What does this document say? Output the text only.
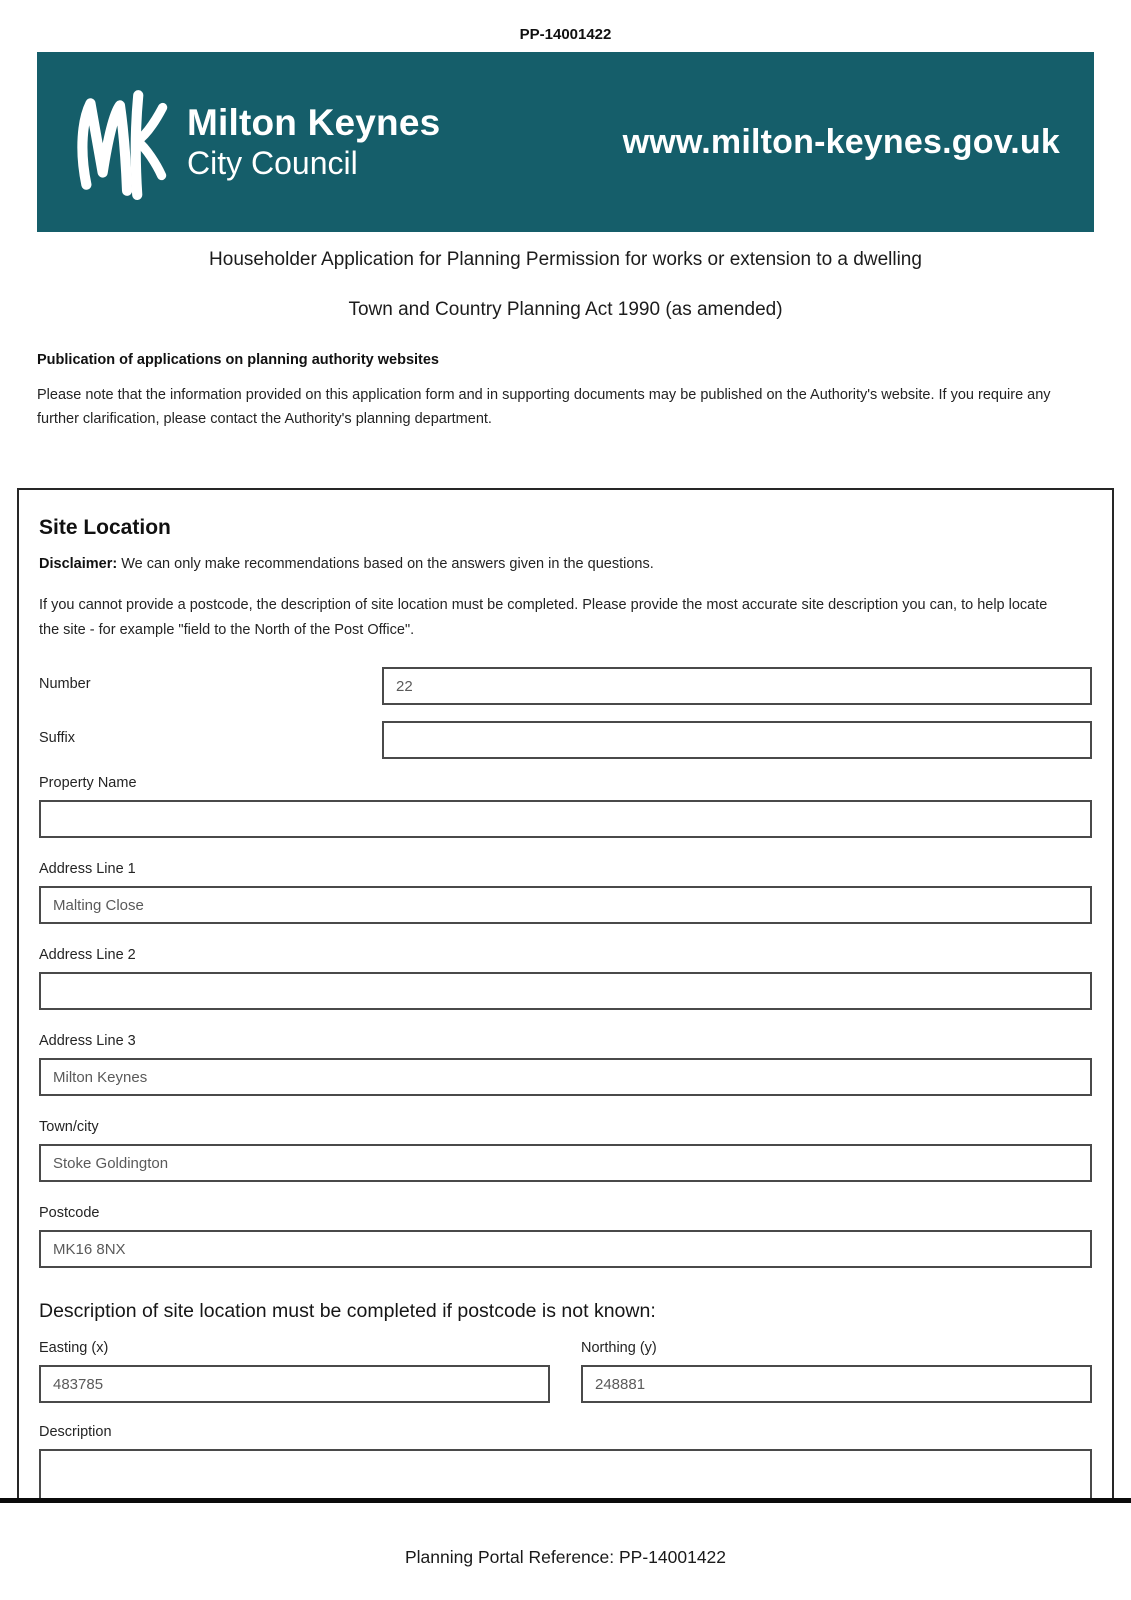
PP-14001422
Milton Keynes
City Council
www.milton-keynes.gov.uk
Householder Application for Planning Permission for works or extension to a dwelling
Town and Country Planning Act 1990 (as amended)
Publication of applications on planning authority websites
Please note that the information provided on this application form and in supporting documents may be published on the Authority's website. If you require any further clarification, please contact the Authority's planning department.
Site Location

Disclaimer: We can only make recommendations based on the answers given in the questions.

If you cannot provide a postcode, the description of site location must be completed. Please provide the most accurate site description you can, to help locate the site - for example "field to the North of the Post Office".

Number
22
Suffix
Property Name
Address Line 1
Malting Close
Address Line 2
Address Line 3
Milton Keynes
Town/city
Stoke Goldington
Postcode
MK16 8NX
Description of site location must be completed if postcode is not known:
Easting (x)
483785	Northing (y)
248881
Description
Planning Portal Reference: PP-14001422
